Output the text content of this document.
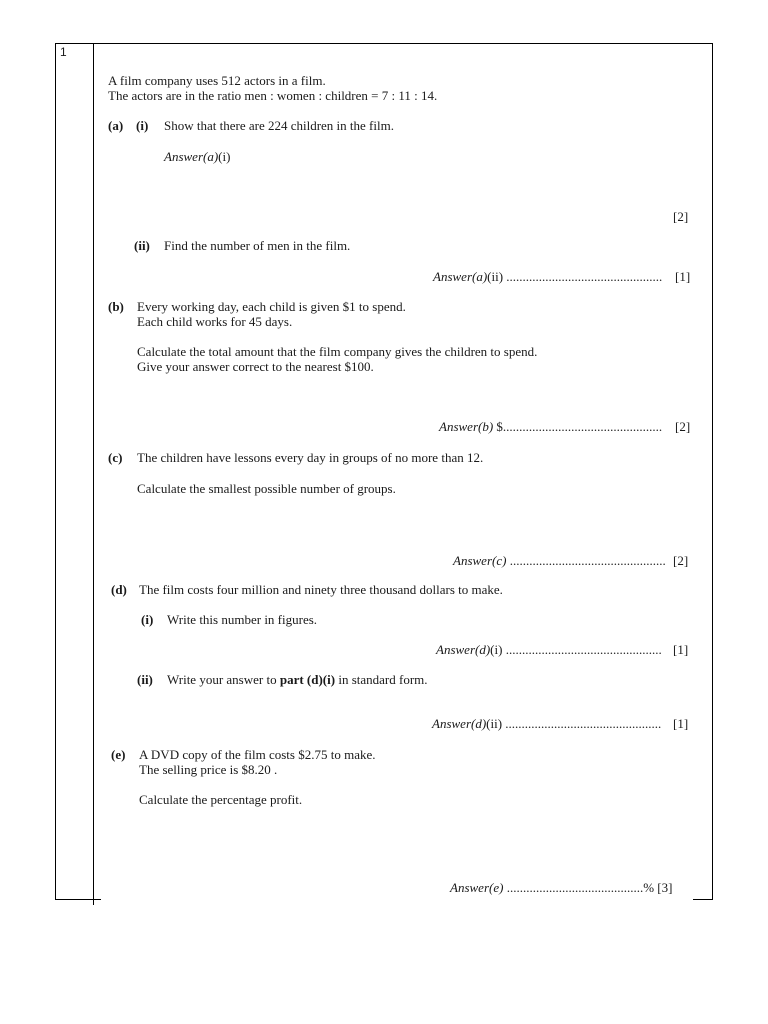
1
A film company uses 512 actors in a film.
The actors are in the ratio men : women : children = 7 : 11 : 14.
(a) (i) Show that there are 224 children in the film.
Answer(a)(i)
[2]
(ii) Find the number of men in the film.
Answer(a)(ii) ................................................ [1]
(b) Every working day, each child is given $1 to spend.
Each child works for 45 days.
Calculate the total amount that the film company gives the children to spend.
Give your answer correct to the nearest $100.
Answer(b) $................................................. [2]
(c) The children have lessons every day in groups of no more than 12.
Calculate the smallest possible number of groups.
Answer(c) ................................................ [2]
(d) The film costs four million and ninety three thousand dollars to make.
(i) Write this number in figures.
Answer(d)(i) ................................................ [1]
(ii) Write your answer to part (d)(i) in standard form.
Answer(d)(ii) ................................................ [1]
(e) A DVD copy of the film costs $2.75 to make.
The selling price is $8.20 .
Calculate the percentage profit.
Answer(e) ..........................................% [3]
